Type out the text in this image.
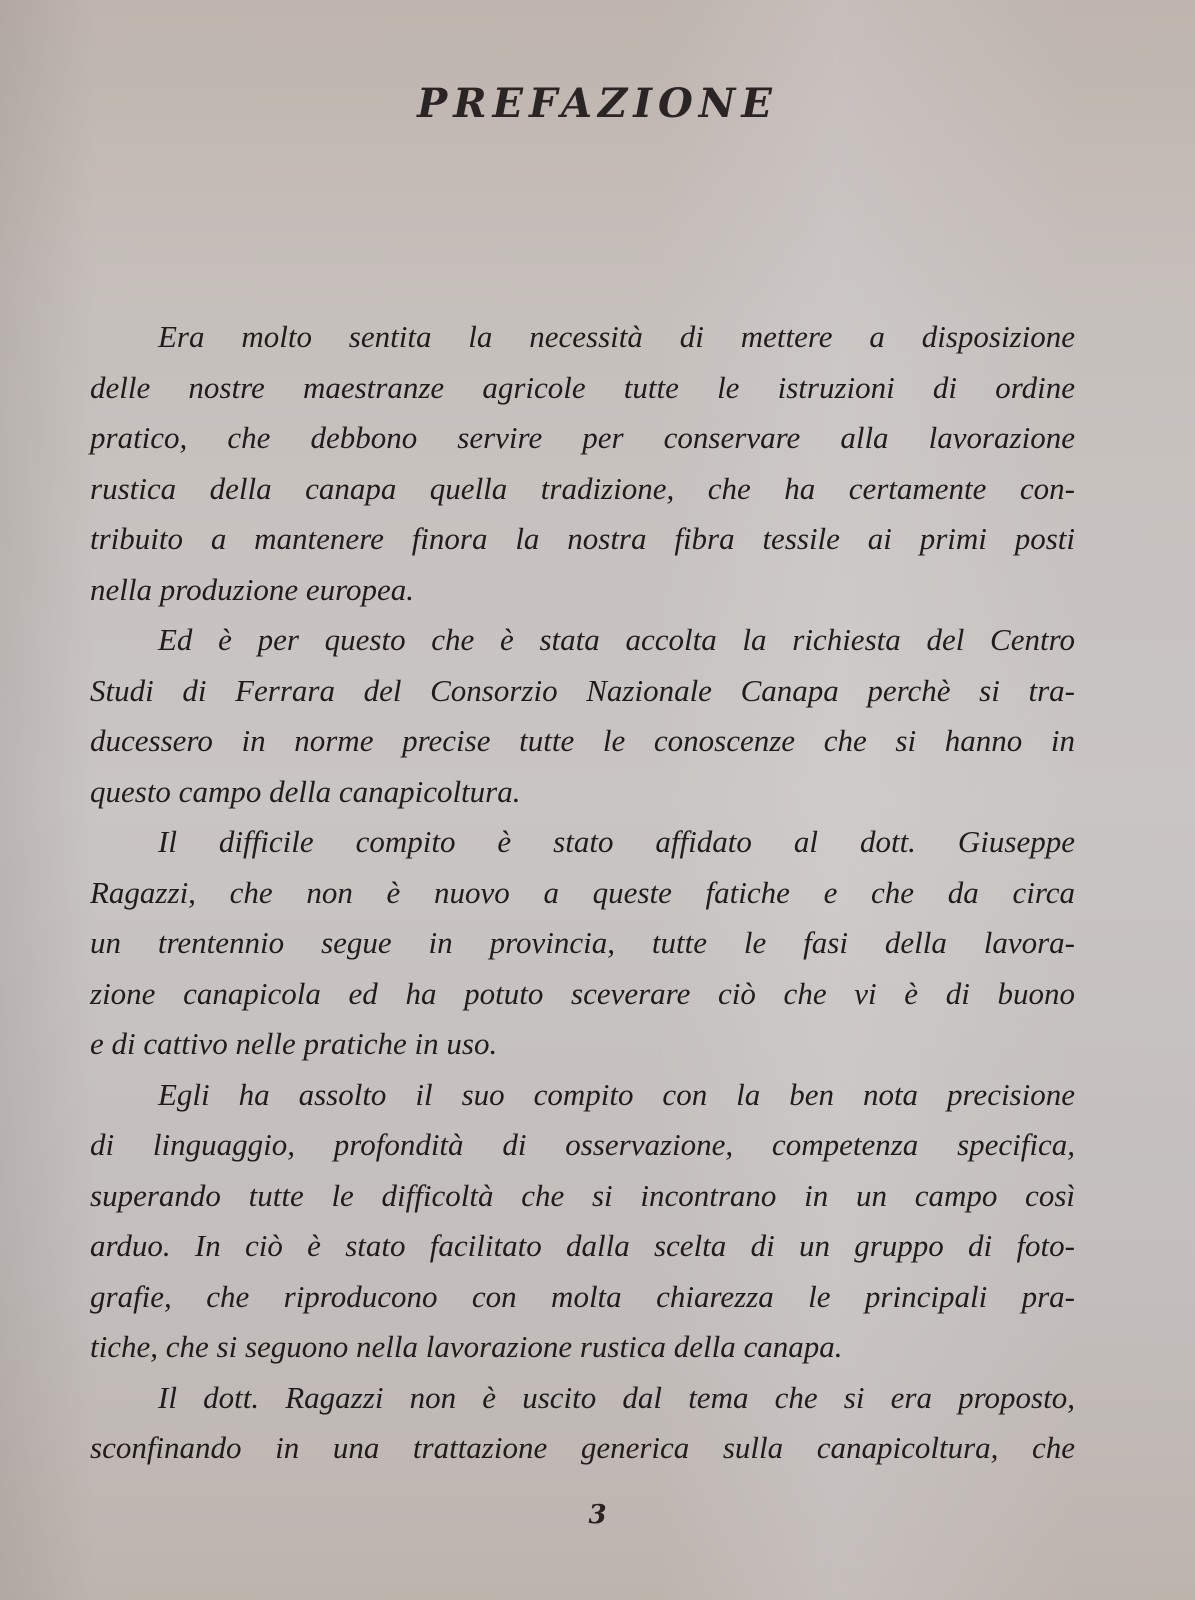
PREFAZIONE
Era molto sentita la necessità di mettere a disposizione
delle nostre maestranze agricole tutte le istruzioni di ordine
pratico, che debbono servire per conservare alla lavorazione
rustica della canapa quella tradizione, che ha certamente con-
tribuito a mantenere finora la nostra fibra tessile ai primi posti
nella produzione europea.
Ed è per questo che è stata accolta la richiesta del Centro
Studi di Ferrara del Consorzio Nazionale Canapa perchè si tra-
ducessero in norme precise tutte le conoscenze che si hanno in
questo campo della canapicoltura.
Il difficile compito è stato affidato al dott. Giuseppe
Ragazzi, che non è nuovo a queste fatiche e che da circa
un trentennio segue in provincia, tutte le fasi della lavora-
zione canapicola ed ha potuto sceverare ciò che vi è di buono
e di cattivo nelle pratiche in uso.
Egli ha assolto il suo compito con la ben nota precisione
di linguaggio, profondità di osservazione, competenza specifica,
superando tutte le difficoltà che si incontrano in un campo così
arduo. In ciò è stato facilitato dalla scelta di un gruppo di foto-
grafie, che riproducono con molta chiarezza le principali pra-
tiche, che si seguono nella lavorazione rustica della canapa.
Il dott. Ragazzi non è uscito dal tema che si era proposto,
sconfinando in una trattazione generica sulla canapicoltura, che
3
